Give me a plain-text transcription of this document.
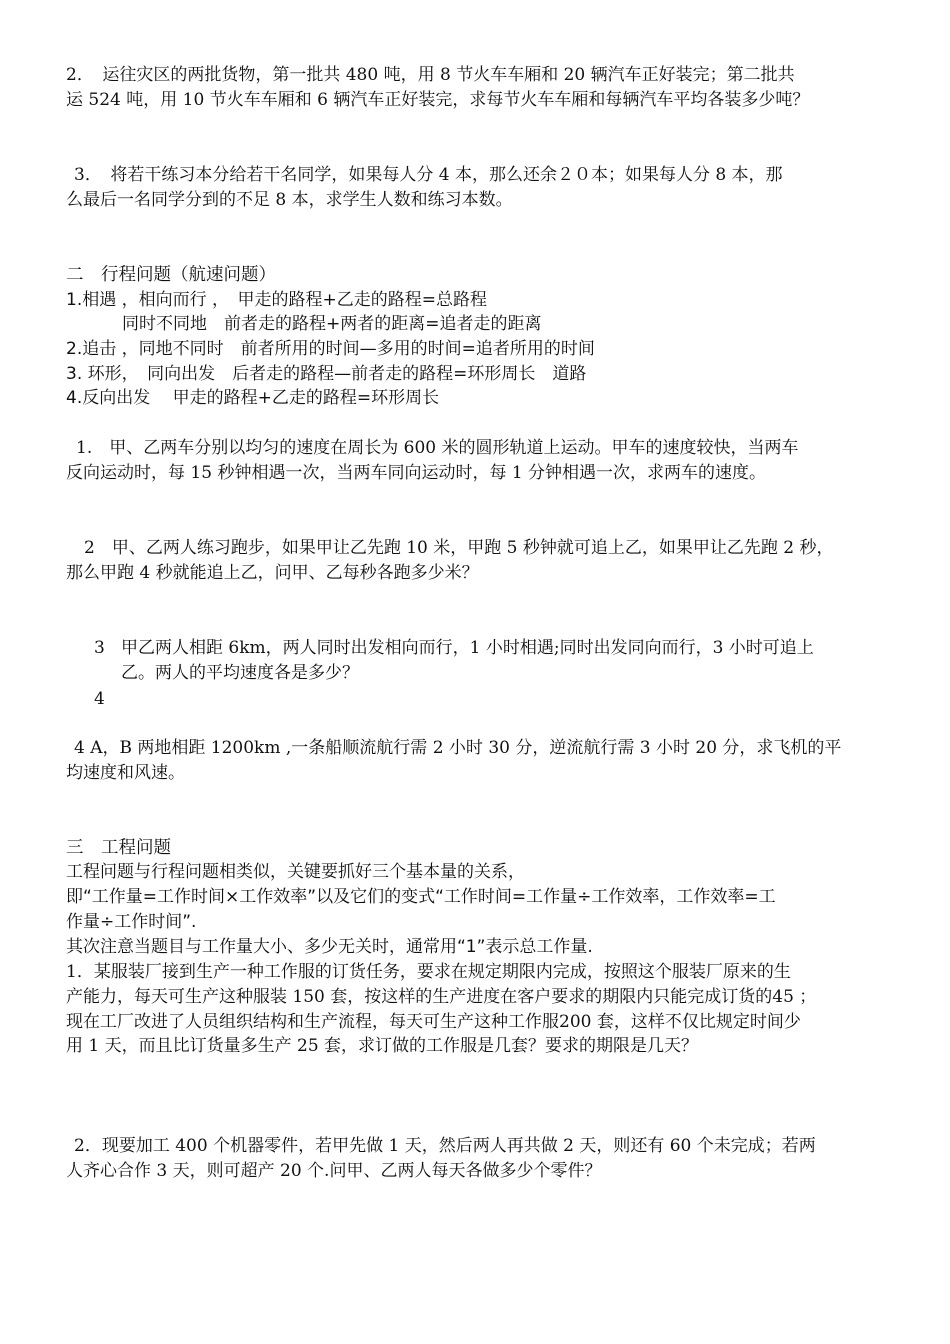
2．　运往灾区的两批货物，第一批共 480 吨，用 8 节火车车厢和 20 辆汽车正好装完；第二批共
运 524 吨，用 10 节火车车厢和 6 辆汽车正好装完，求每节火车车厢和每辆汽车平均各装多少吨？
3．　将若干练习本分给若干名同学，如果每人分 4 本，那么还余２０本；如果每人分 8 本，那
么最后一名同学分到的不足 8 本，求学生人数和练习本数。
二　行程问题（航速问题）
1.相遇 ，相向而行 ，　甲走的路程+乙走的路程=总路程
同时不同地　前者走的路程+两者的距离=追者走的距离
2.追击 ，同地不同时　前者所用的时间—多用的时间=追者所用的时间
3. 环形，　同向出发　后者走的路程—前者走的路程=环形周长　道路
4.反向出发　 甲走的路程+乙走的路程=环形周长
1.　甲、乙两车分别以均匀的速度在周长为 600 米的圆形轨道上运动。甲车的速度较快，当两车
反向运动时，每 15 秒钟相遇一次，当两车同向运动时，每 1 分钟相遇一次，求两车的速度。
2　甲、乙两人练习跑步，如果甲让乙先跑 10 米，甲跑 5 秒钟就可追上乙，如果甲让乙先跑 2 秒，
那么甲跑 4 秒就能追上乙，问甲、乙每秒各跑多少米？
3 甲乙两人相距 6km，两人同时出发相向而行，1 小时相遇;同时出发同向而行，3 小时可追上
乙。两人的平均速度各是多少？
4
4 A，B 两地相距 1200km ,一条船顺流航行需 2 小时 30 分，逆流航行需 3 小时 20 分，求飞机的平
均速度和风速。
三　工程问题
工程问题与行程问题相类似，关键要抓好三个基本量的关系，
即“工作量=工作时间×工作效率”以及它们的变式“工作时间=工作量÷工作效率，工作效率=工
作量÷工作时间”.
其次注意当题目与工作量大小、多少无关时，通常用“1”表示总工作量.
1．某服装厂接到生产一种工作服的订货任务，要求在规定期限内完成，按照这个服装厂原来的生
产能力，每天可生产这种服装 150 套，按这样的生产进度在客户要求的期限内只能完成订货的45 ；
现在工厂改进了人员组织结构和生产流程，每天可生产这种工作服200 套，这样不仅比规定时间少
用 1 天，而且比订货量多生产 25 套，求订做的工作服是几套？要求的期限是几天？
2．现要加工 400 个机器零件，若甲先做 1 天，然后两人再共做 2 天，则还有 60 个未完成；若两
人齐心合作 3 天，则可超产 20 个.问甲、乙两人每天各做多少个零件？
